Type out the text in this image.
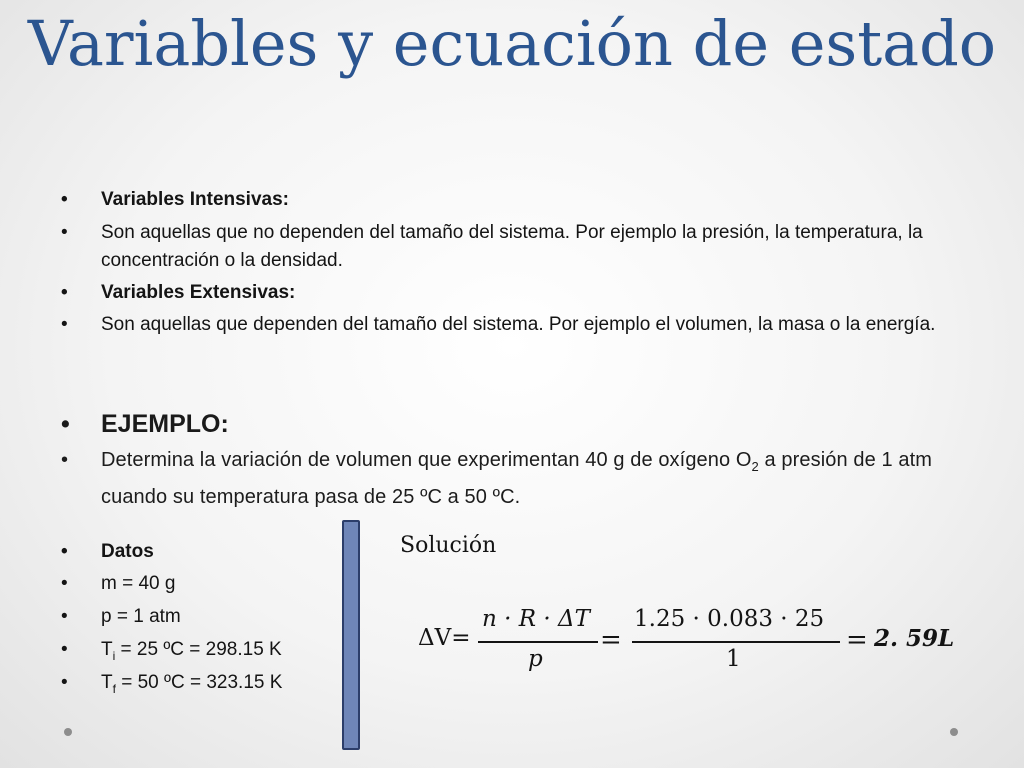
Variables y ecuación de estado
• Variables Intensivas:
• Son aquellas que no dependen del tamaño del sistema. Por ejemplo la presión, la temperatura, la concentración o la densidad.
• Variables Extensivas:
• Son aquellas que dependen del tamaño del sistema. Por ejemplo el volumen, la masa o la energía.
• EJEMPLO:
• Determina la variación de volumen que experimentan 40 g de oxígeno $O_2$ a presión de 1 atm cuando su temperatura pasa de 25 ºC a 50 ºC.
• Datos
• m = 40 g
• p = 1 atm
• $T_i = 25$ ºC = 298.15 K
• $T_f = 50$ ºC = 323.15 K
Solución
ΔV=
n · R · ΔT
p
=
1.25 · 0.083 · 25
1
= 2. 59L
